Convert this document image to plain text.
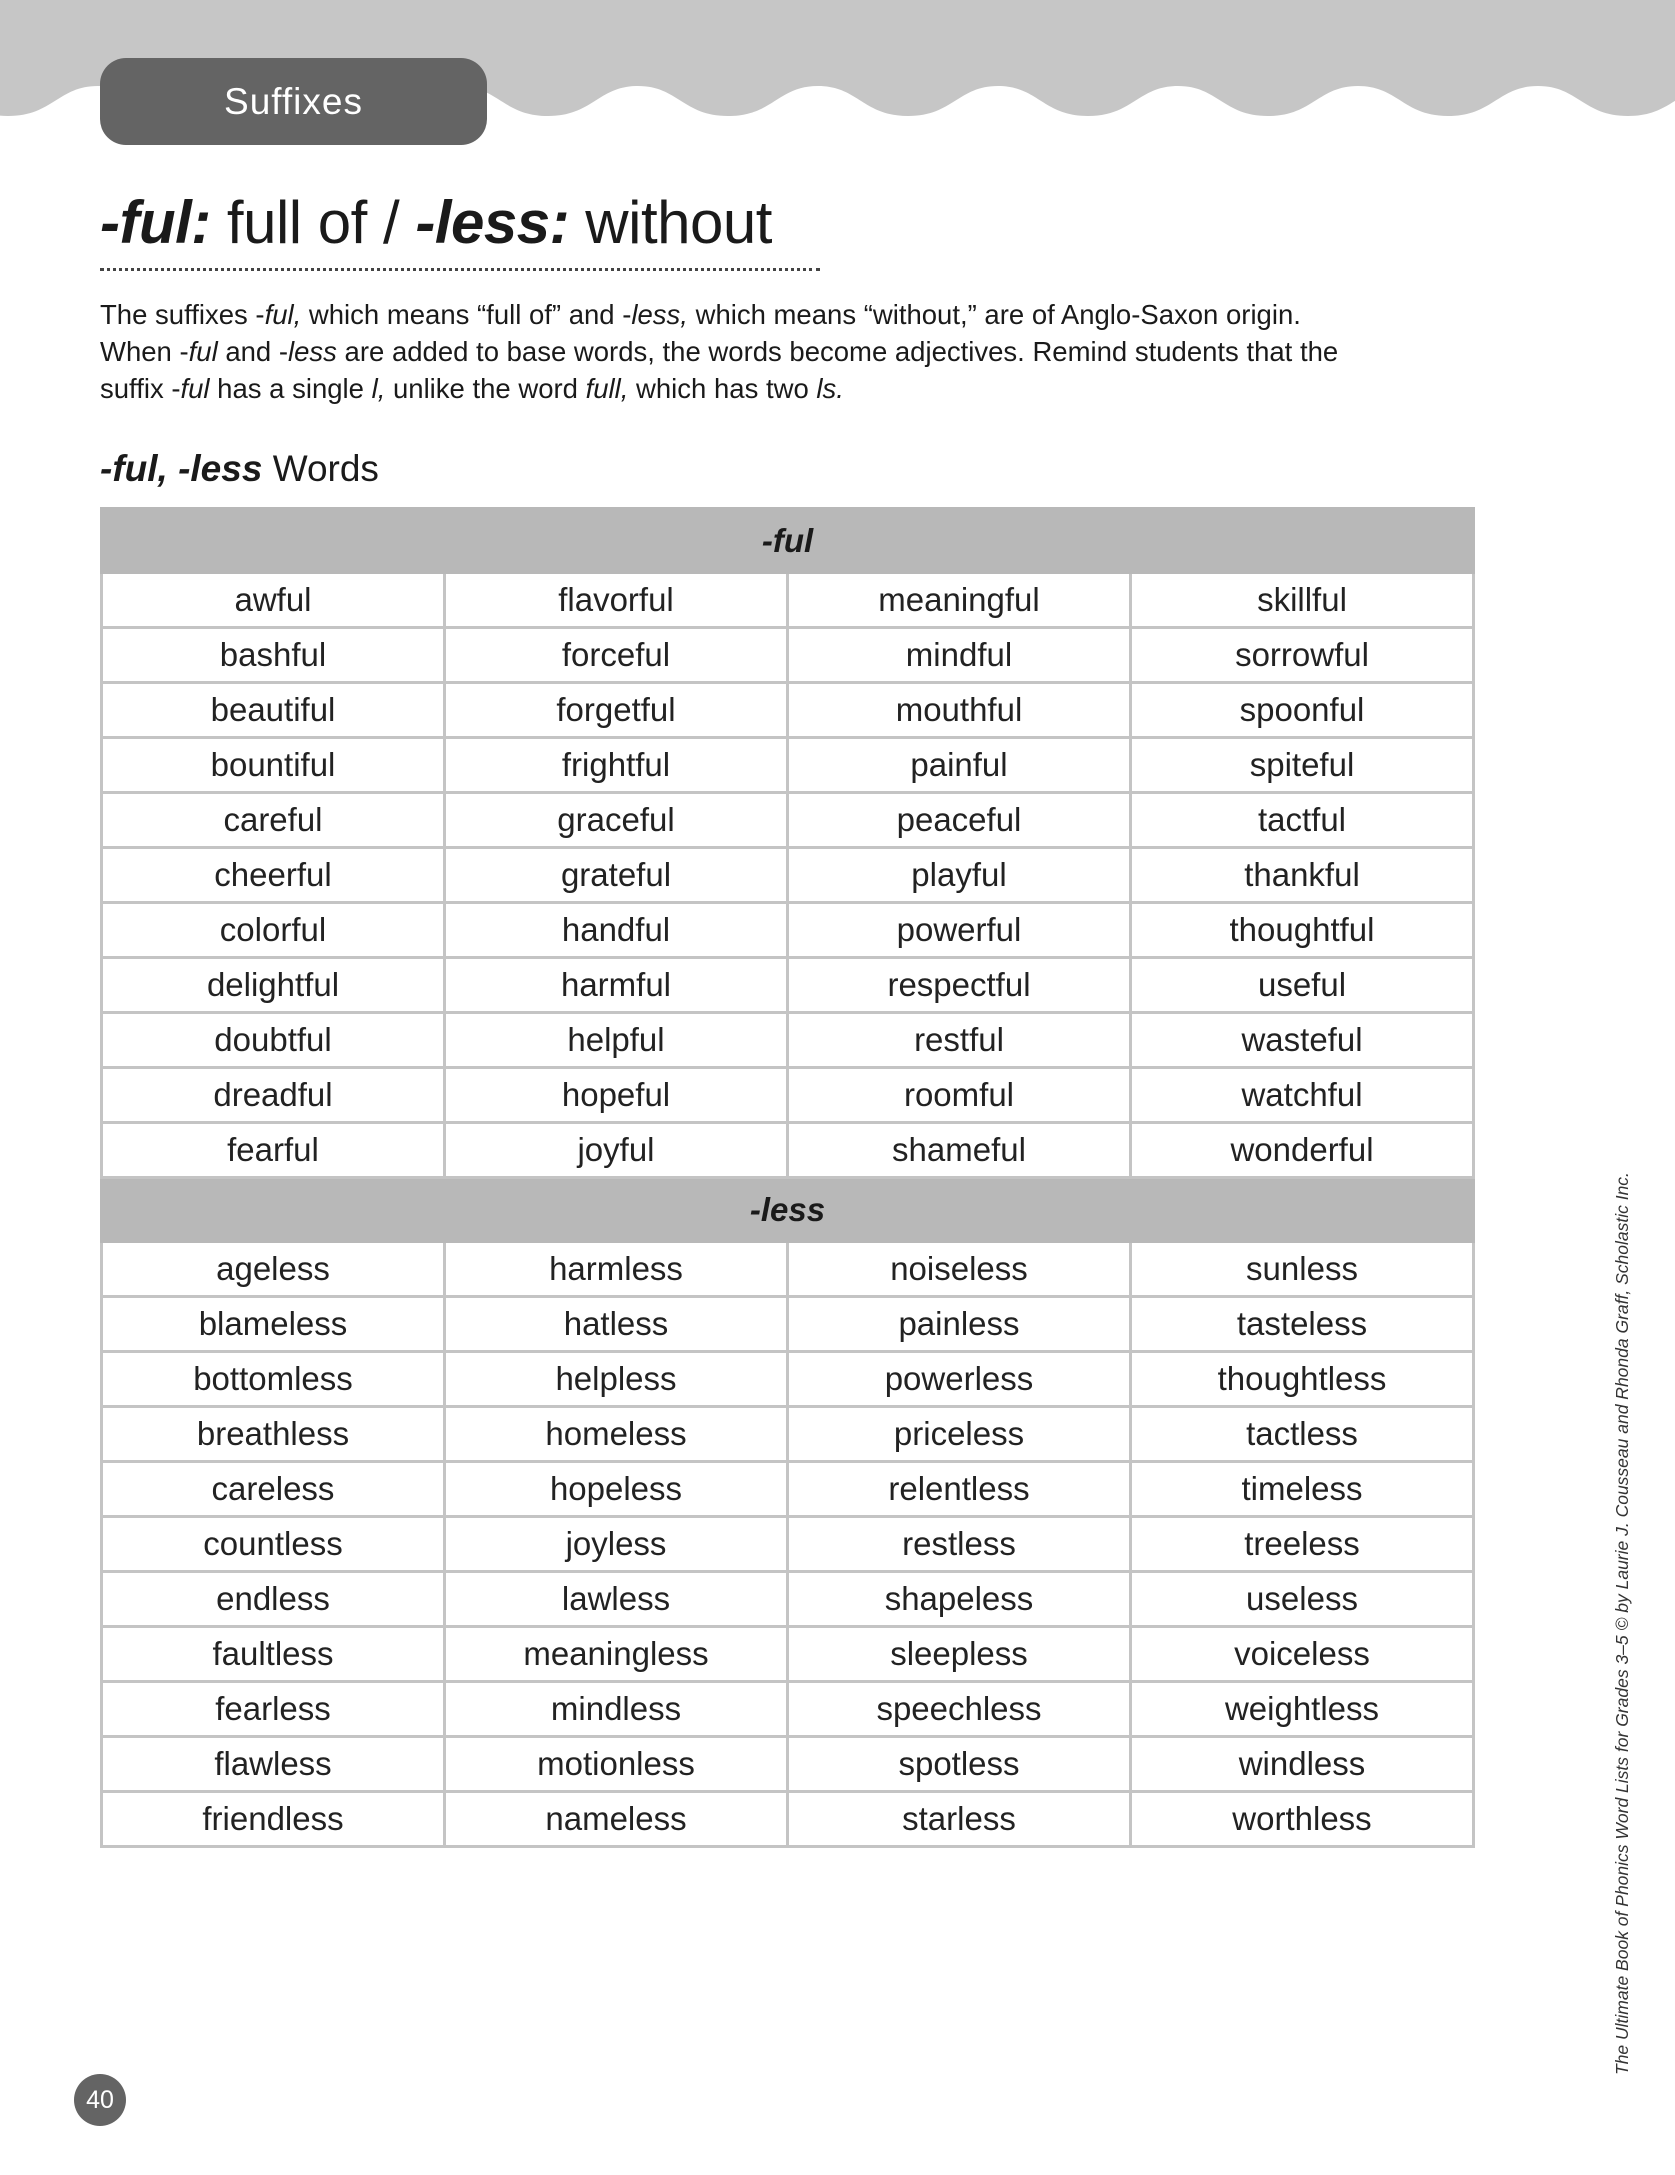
Suffixes
-ful: full of / -less: without
The suffixes -ful, which means “full of” and -less, which means “without,” are of Anglo-Saxon origin. When -ful and -less are added to base words, the words become adjectives. Remind students that the suffix -ful has a single l, unlike the word full, which has two ls.
-ful, -less Words
-ful			
awful	flavorful	meaningful	skillful
bashful	forceful	mindful	sorrowful
beautiful	forgetful	mouthful	spoonful
bountiful	frightful	painful	spiteful
careful	graceful	peaceful	tactful
cheerful	grateful	playful	thankful
colorful	handful	powerful	thoughtful
delightful	harmful	respectful	useful
doubtful	helpful	restful	wasteful
dreadful	hopeful	roomful	watchful
fearful	joyful	shameful	wonderful
-less			
ageless	harmless	noiseless	sunless
blameless	hatless	painless	tasteless
bottomless	helpless	powerless	thoughtless
breathless	homeless	priceless	tactless
careless	hopeless	relentless	timeless
countless	joyless	restless	treeless
endless	lawless	shapeless	useless
faultless	meaningless	sleepless	voiceless
fearless	mindless	speechless	weightless
flawless	motionless	spotless	windless
friendless	nameless	starless	worthless	The Ultimate Book of Phonics Word Lists for Grades 3–5 © by Laurie J. Cousseau and Rhonda Graff, Scholastic Inc.
40
